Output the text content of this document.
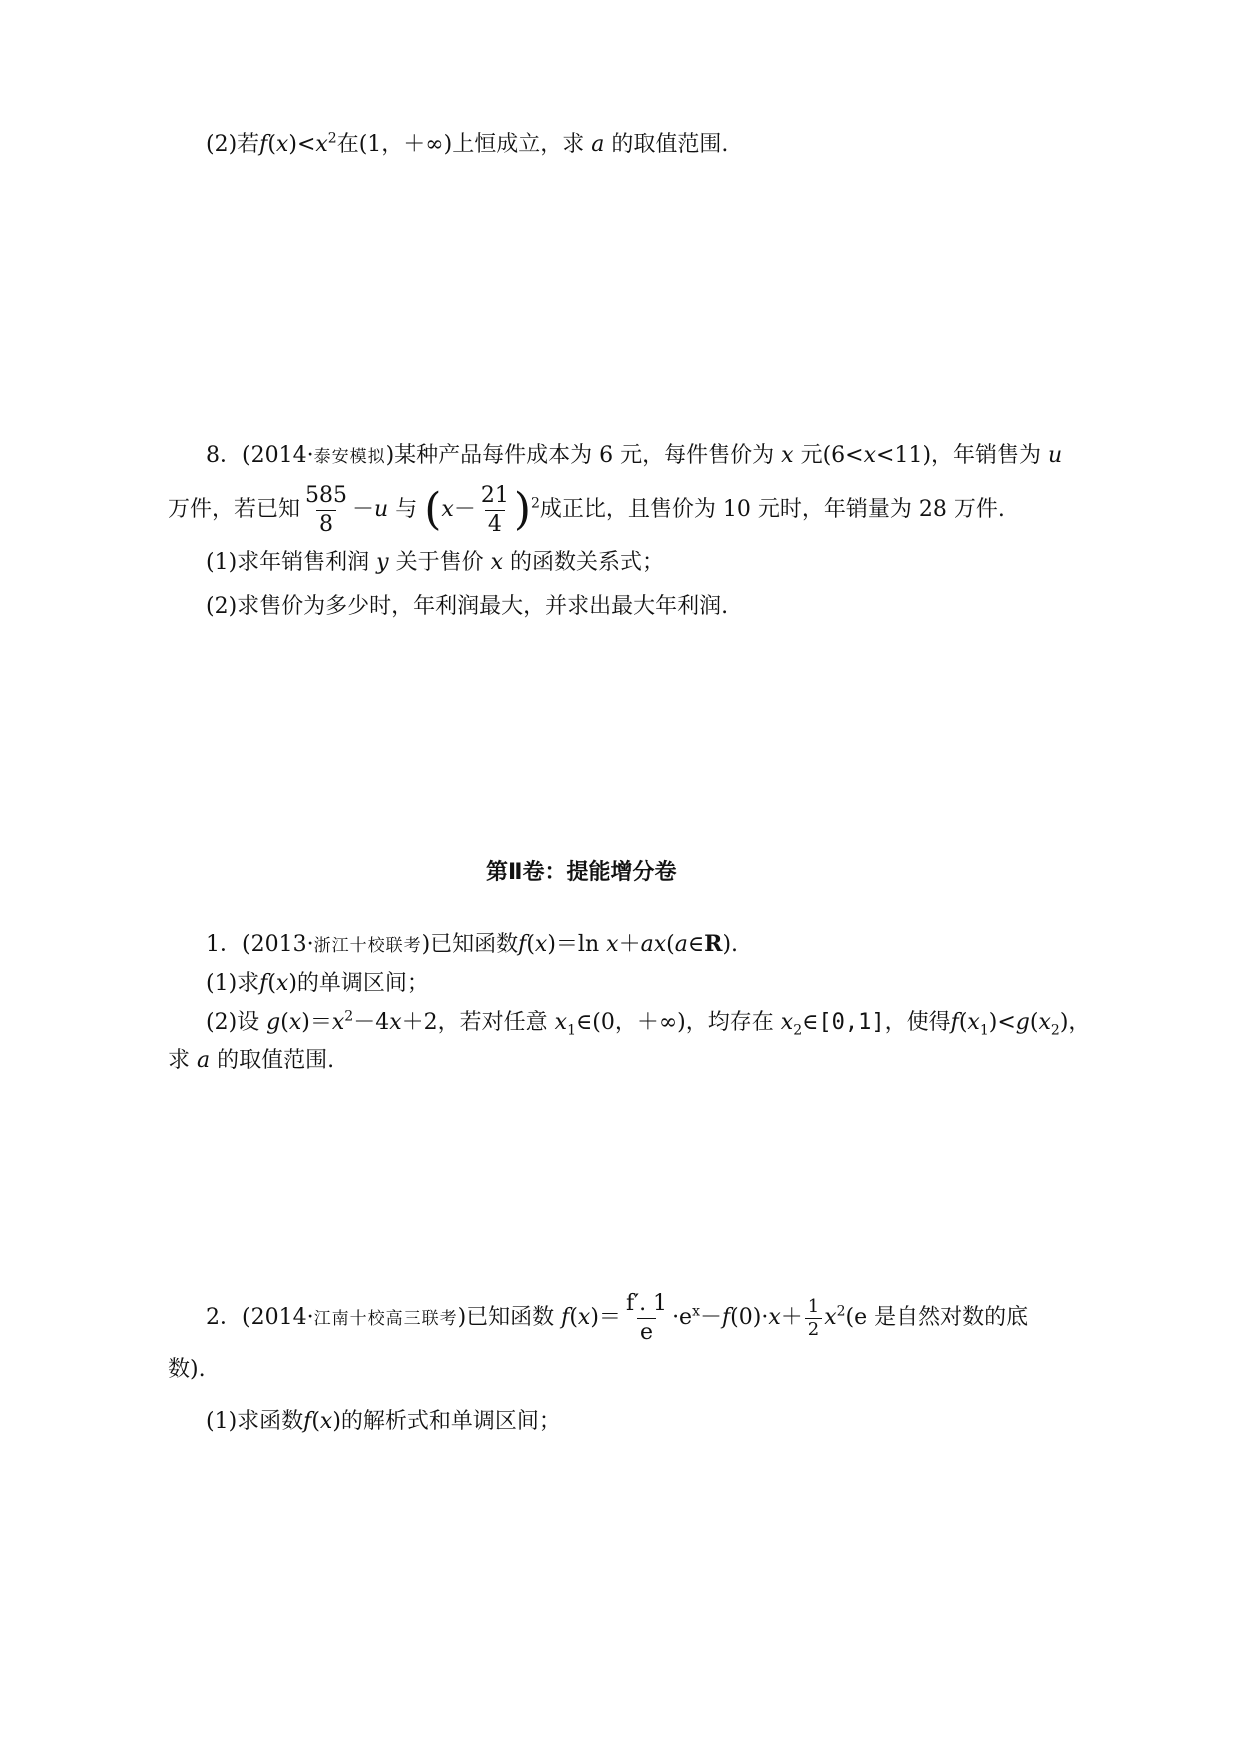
(2)若$f(x)<x^2$在(1，＋∞)上恒成立，求 a 的取值范围.
8．(2014·泰安模拟)某种产品每件成本为 6 元，每件售价为 x 元(6<x<11)，年销售为 u
万件，若已知 $\frac{585}{8} -u$ 与 $(x- \frac{21}{4} )^2$成正比，且售价为 10 元时，年销量为 28 万件.
(1)求年销售利润 y 关于售价 x 的函数关系式；
(2)求售价为多少时，年利润最大，并求出最大年利润.
第Ⅱ卷：提能增分卷
1．(2013·浙江十校联考)已知函数f(x)＝ln x＋ax(a∈R).
(1)求f(x)的单调区间；
(2)设 $g(x)=x^2-4x+2$，若对任意 $x_1\in(0$，＋∞)，均存在 $x_2\in[0,1]$，使得$f(x_1)<g(x_2)$，
求 a 的取值范围.
2．(2014·江南十校高三联考)已知函数 $f(x)= \frac{f'. 1}{e} \cdot e^x-f(0)\cdot x+ \frac{1}{2} x^2(e$ 是自然对数的底
数).
(1)求函数f(x)的解析式和单调区间；
